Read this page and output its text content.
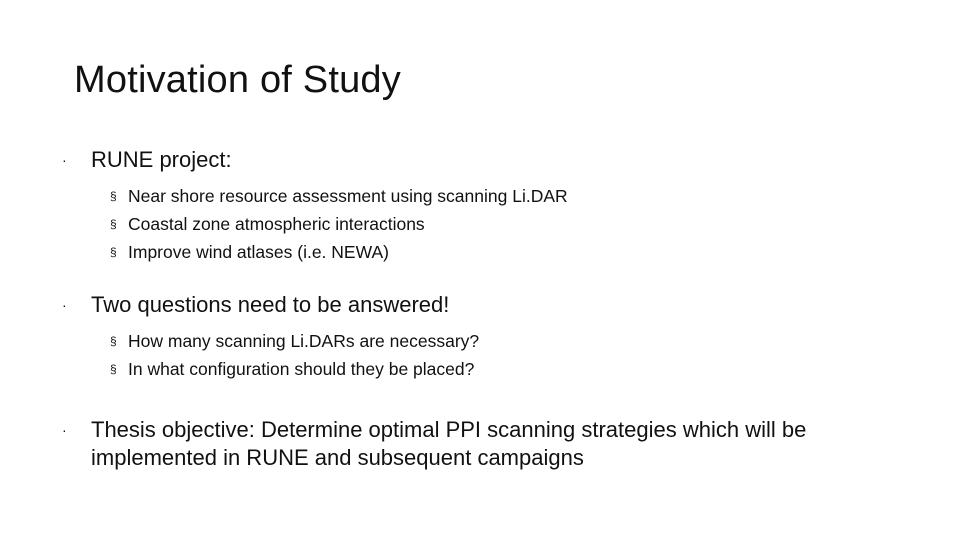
Motivation of Study
·	RUNE project:
§ Near shore resource assessment using scanning Li.DAR
§ Coastal zone atmospheric interactions
§ Improve wind atlases (i.e. NEWA)
·	Two questions need to be answered!
§ How many scanning Li.DARs are necessary?
§ In what configuration should they be placed?
·	Thesis objective: Determine optimal PPI scanning strategies which will be implemented in RUNE and subsequent campaigns
